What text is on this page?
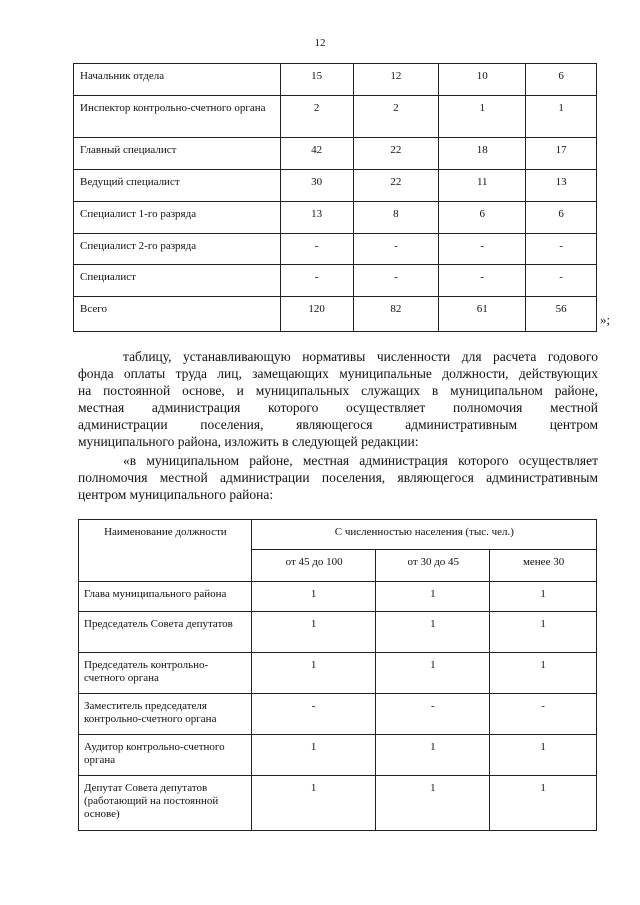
12
Начальник отдела	15	12	10	6
Инспектор контрольно-счетного органа	2	2	1	1
Главный специалист	42	22	18	17
Ведущий специалист	30	22	11	13
Специалист 1-го разряда	13	8	6	6
Специалист 2-го разряда	-	-	-	-
Специалист	-	-	-	-
Всего	120	82	61	56
»;
таблицу, устанавливающую нормативы численности для расчета годового
фонда оплаты труда лиц, замещающих муниципальные должности, действующих
на постоянной основе, и муниципальных служащих в муниципальном районе,
местная администрация которого осуществляет полномочия местной
администрации поселения, являющегося административным центром
муниципального района, изложить в следующей редакции:
«в муниципальном районе, местная администрация которого осуществляет
полномочия местной администрации поселения, являющегося административным
центром муниципального района:
Наименование должности	С численностью населения (тыс. чел.)		
	от 45 до 100	от 30 до 45	менее 30
Глава муниципального района	1	1	1
Председатель Совета депутатов	1	1	1
Председатель контрольно-счетного органа	1	1	1
Заместитель председателя контрольно-счетного органа	-	-	-
Аудитор контрольно-счетного органа	1	1	1
Депутат Совета депутатов (работающий на постоянной основе)	1	1	1
